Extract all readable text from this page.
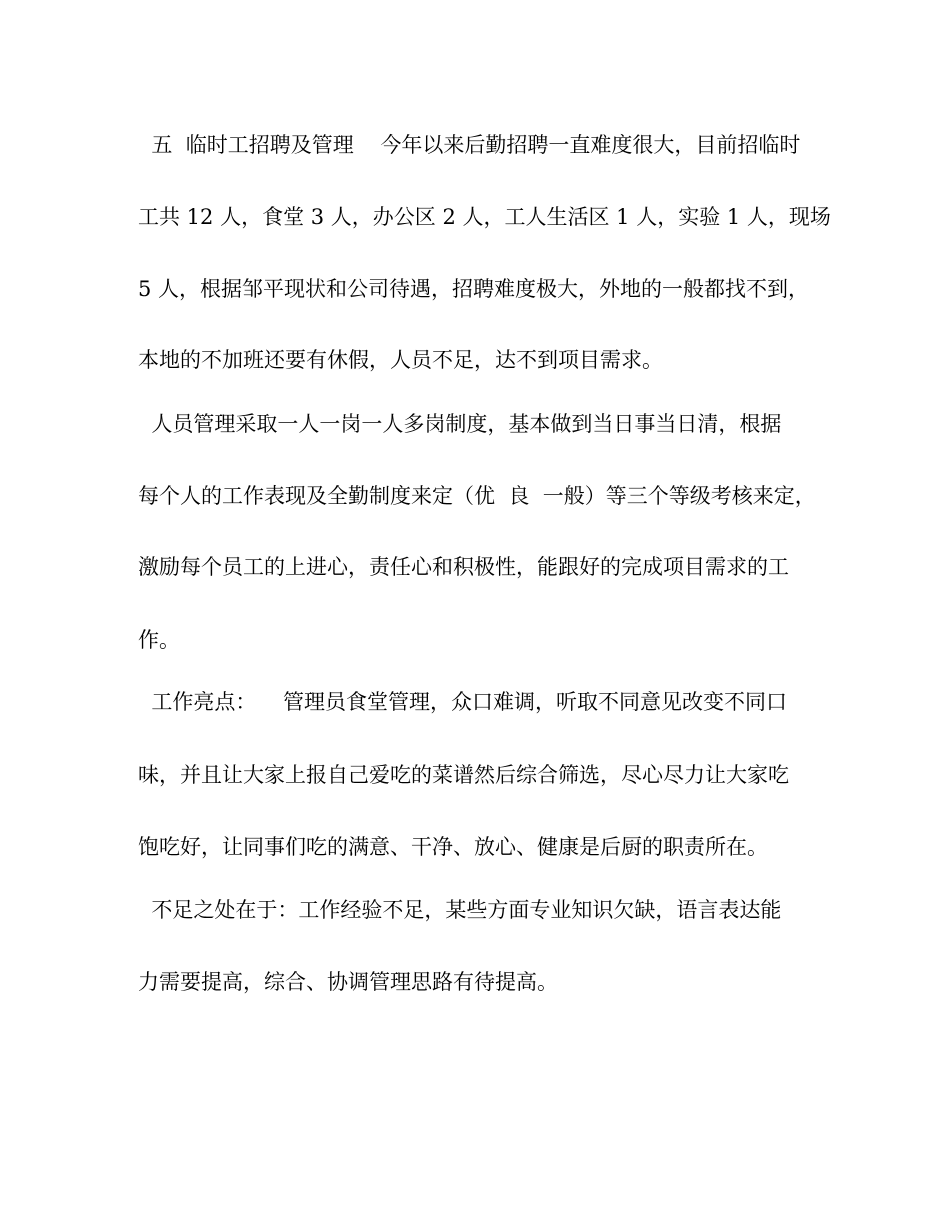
五  临时工招聘及管理    今年以来后勤招聘一直难度很大，目前招临时
工共 12 人，食堂 3 人，办公区 2 人，工人生活区 1 人，实验 1 人，现场
5 人，根据邹平现状和公司待遇，招聘难度极大，外地的一般都找不到，
本地的不加班还要有休假，人员不足，达不到项目需求。
人员管理采取一人一岗一人多岗制度，基本做到当日事当日清，根据
每个人的工作表现及全勤制度来定（优  良  一般）等三个等级考核来定，
激励每个员工的上进心，责任心和积极性，能跟好的完成项目需求的工
作。
工作亮点：    管理员食堂管理，众口难调，听取不同意见改变不同口
味，并且让大家上报自己爱吃的菜谱然后综合筛选，尽心尽力让大家吃
饱吃好，让同事们吃的满意、干净、放心、健康是后厨的职责所在。
不足之处在于：工作经验不足，某些方面专业知识欠缺，语言表达能
力需要提高，综合、协调管理思路有待提高。
